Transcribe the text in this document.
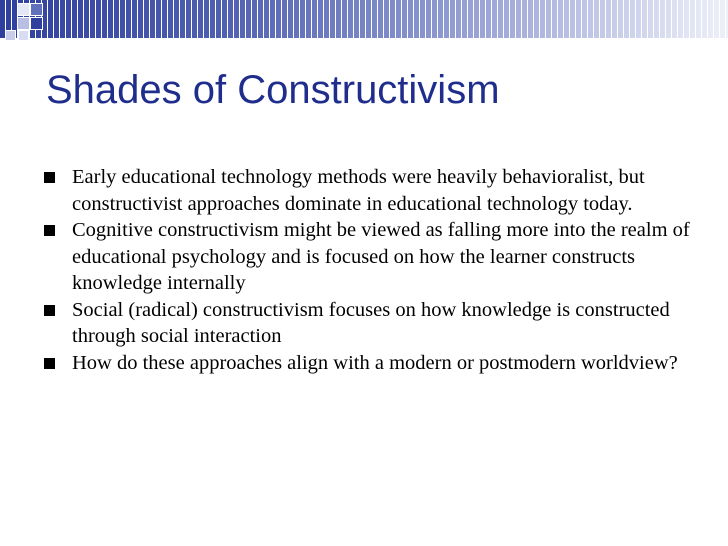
Shades of Constructivism
Early educational technology methods were heavily behavioralist, but constructivist approaches dominate in educational technology today.
Cognitive constructivism might be viewed as falling more into the realm of educational psychology and is focused on how the learner constructs knowledge internally
Social (radical) constructivism focuses on how knowledge is constructed through social interaction
How do these approaches align with a modern or postmodern worldview?
